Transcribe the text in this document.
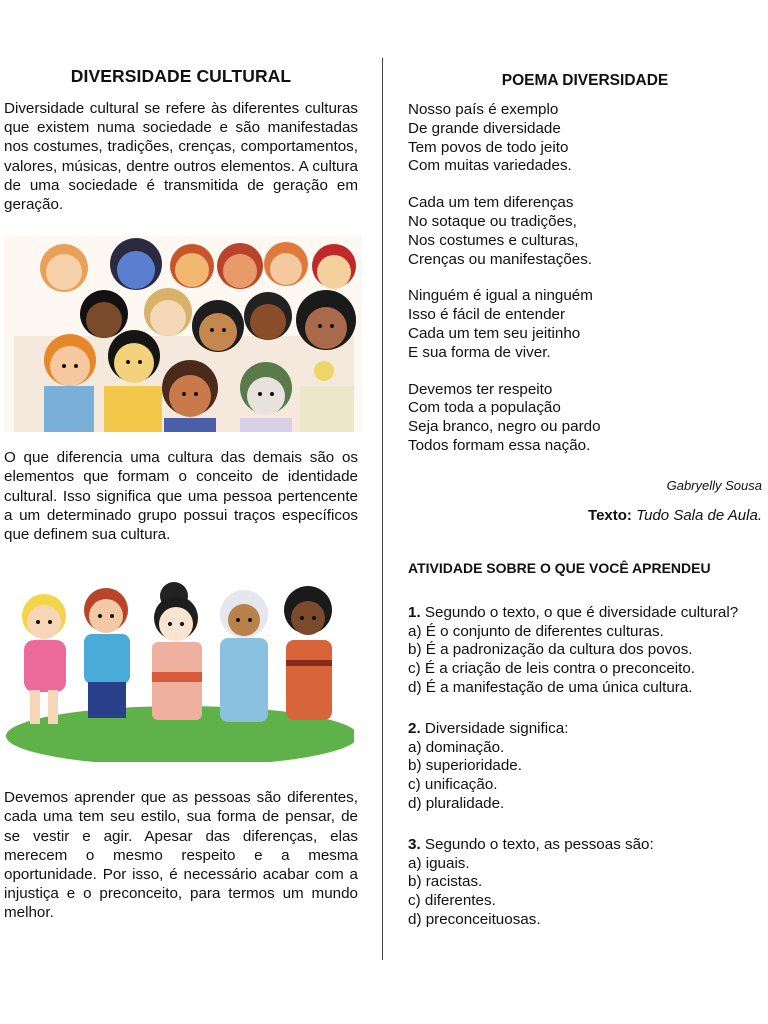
DIVERSIDADE CULTURAL

Diversidade cultural se refere às diferentes culturas que existem numa sociedade e são manifestadas nos costumes, tradições, crenças, comportamentos, valores, músicas, dentre outros elementos. A cultura de uma sociedade é transmitida de geração em geração.

O que diferencia uma cultura das demais são os elementos que formam o conceito de identidade cultural. Isso significa que uma pessoa pertencente a um determinado grupo possui traços específicos que definem sua cultura.

Devemos aprender que as pessoas são diferentes, cada uma tem seu estilo, sua forma de pensar, de se vestir e agir. Apesar das diferenças, elas merecem o mesmo respeito e a mesma oportunidade. Por isso, é necessário acabar com a injustiça e o preconceito, para termos um mundo melhor.

POEMA DIVERSIDADE
Nosso país é exemplo
De grande diversidade
Tem povos de todo jeito
Com muitas variedades.
Cada um tem diferenças
No sotaque ou tradições,
Nos costumes e culturas,
Crenças ou manifestações.
Ninguém é igual a ninguém
Isso é fácil de entender
Cada um tem seu jeitinho
E sua forma de viver.
Devemos ter respeito
Com toda a população
Seja branco, negro ou pardo
Todos formam essa nação.
Gabryelly Sousa
Texto: Tudo Sala de Aula.
ATIVIDADE SOBRE O QUE VOCÊ APRENDEU
1. Segundo o texto, o que é diversidade cultural?
a) É o conjunto de diferentes culturas.
b) É a padronização da cultura dos povos.
c) É a criação de leis contra o preconceito.
d) É a manifestação de uma única cultura.
2. Diversidade significa:
a) dominação.
b) superioridade.
c) unificação.
d) pluralidade.
3. Segundo o texto, as pessoas são:
a) iguais.
b) racistas.
c) diferentes.
d) preconceituosas.
